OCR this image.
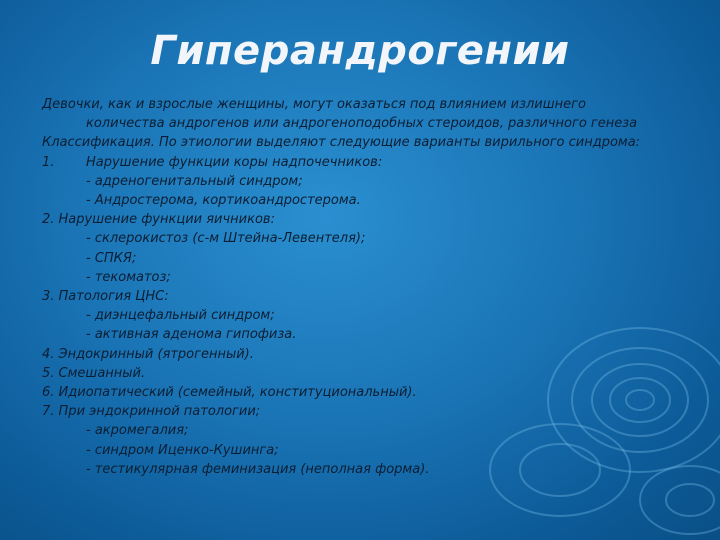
Гиперандрогении
Девочки, как и взрослые женщины, могут оказаться под влиянием излишнего
количества андрогенов или андрогеноподобных стероидов, различного генеза
Классификация. По этиологии выделяют следующие варианты вирильного синдрома:
1. Нарушение функции коры надпочечников:
- адреногенитальный синдром;
- Андростерома, кортикоандростерома.
2. Нарушение функции яичников:
- склерокистоз (с-м Штейна-Левентеля);
- СПКЯ;
- текоматоз;
3. Патология ЦНС:
- диэнцефальный синдром;
- активная аденома гипофиза.
4. Эндокринный (ятрогенный).
5. Смешанный.
6. Идиопатический (семейный, конституциональный).
7. При эндокринной патологии;
- акромегалия;
- синдром Иценко-Кушинга;
- тестикулярная феминизация (неполная форма).
